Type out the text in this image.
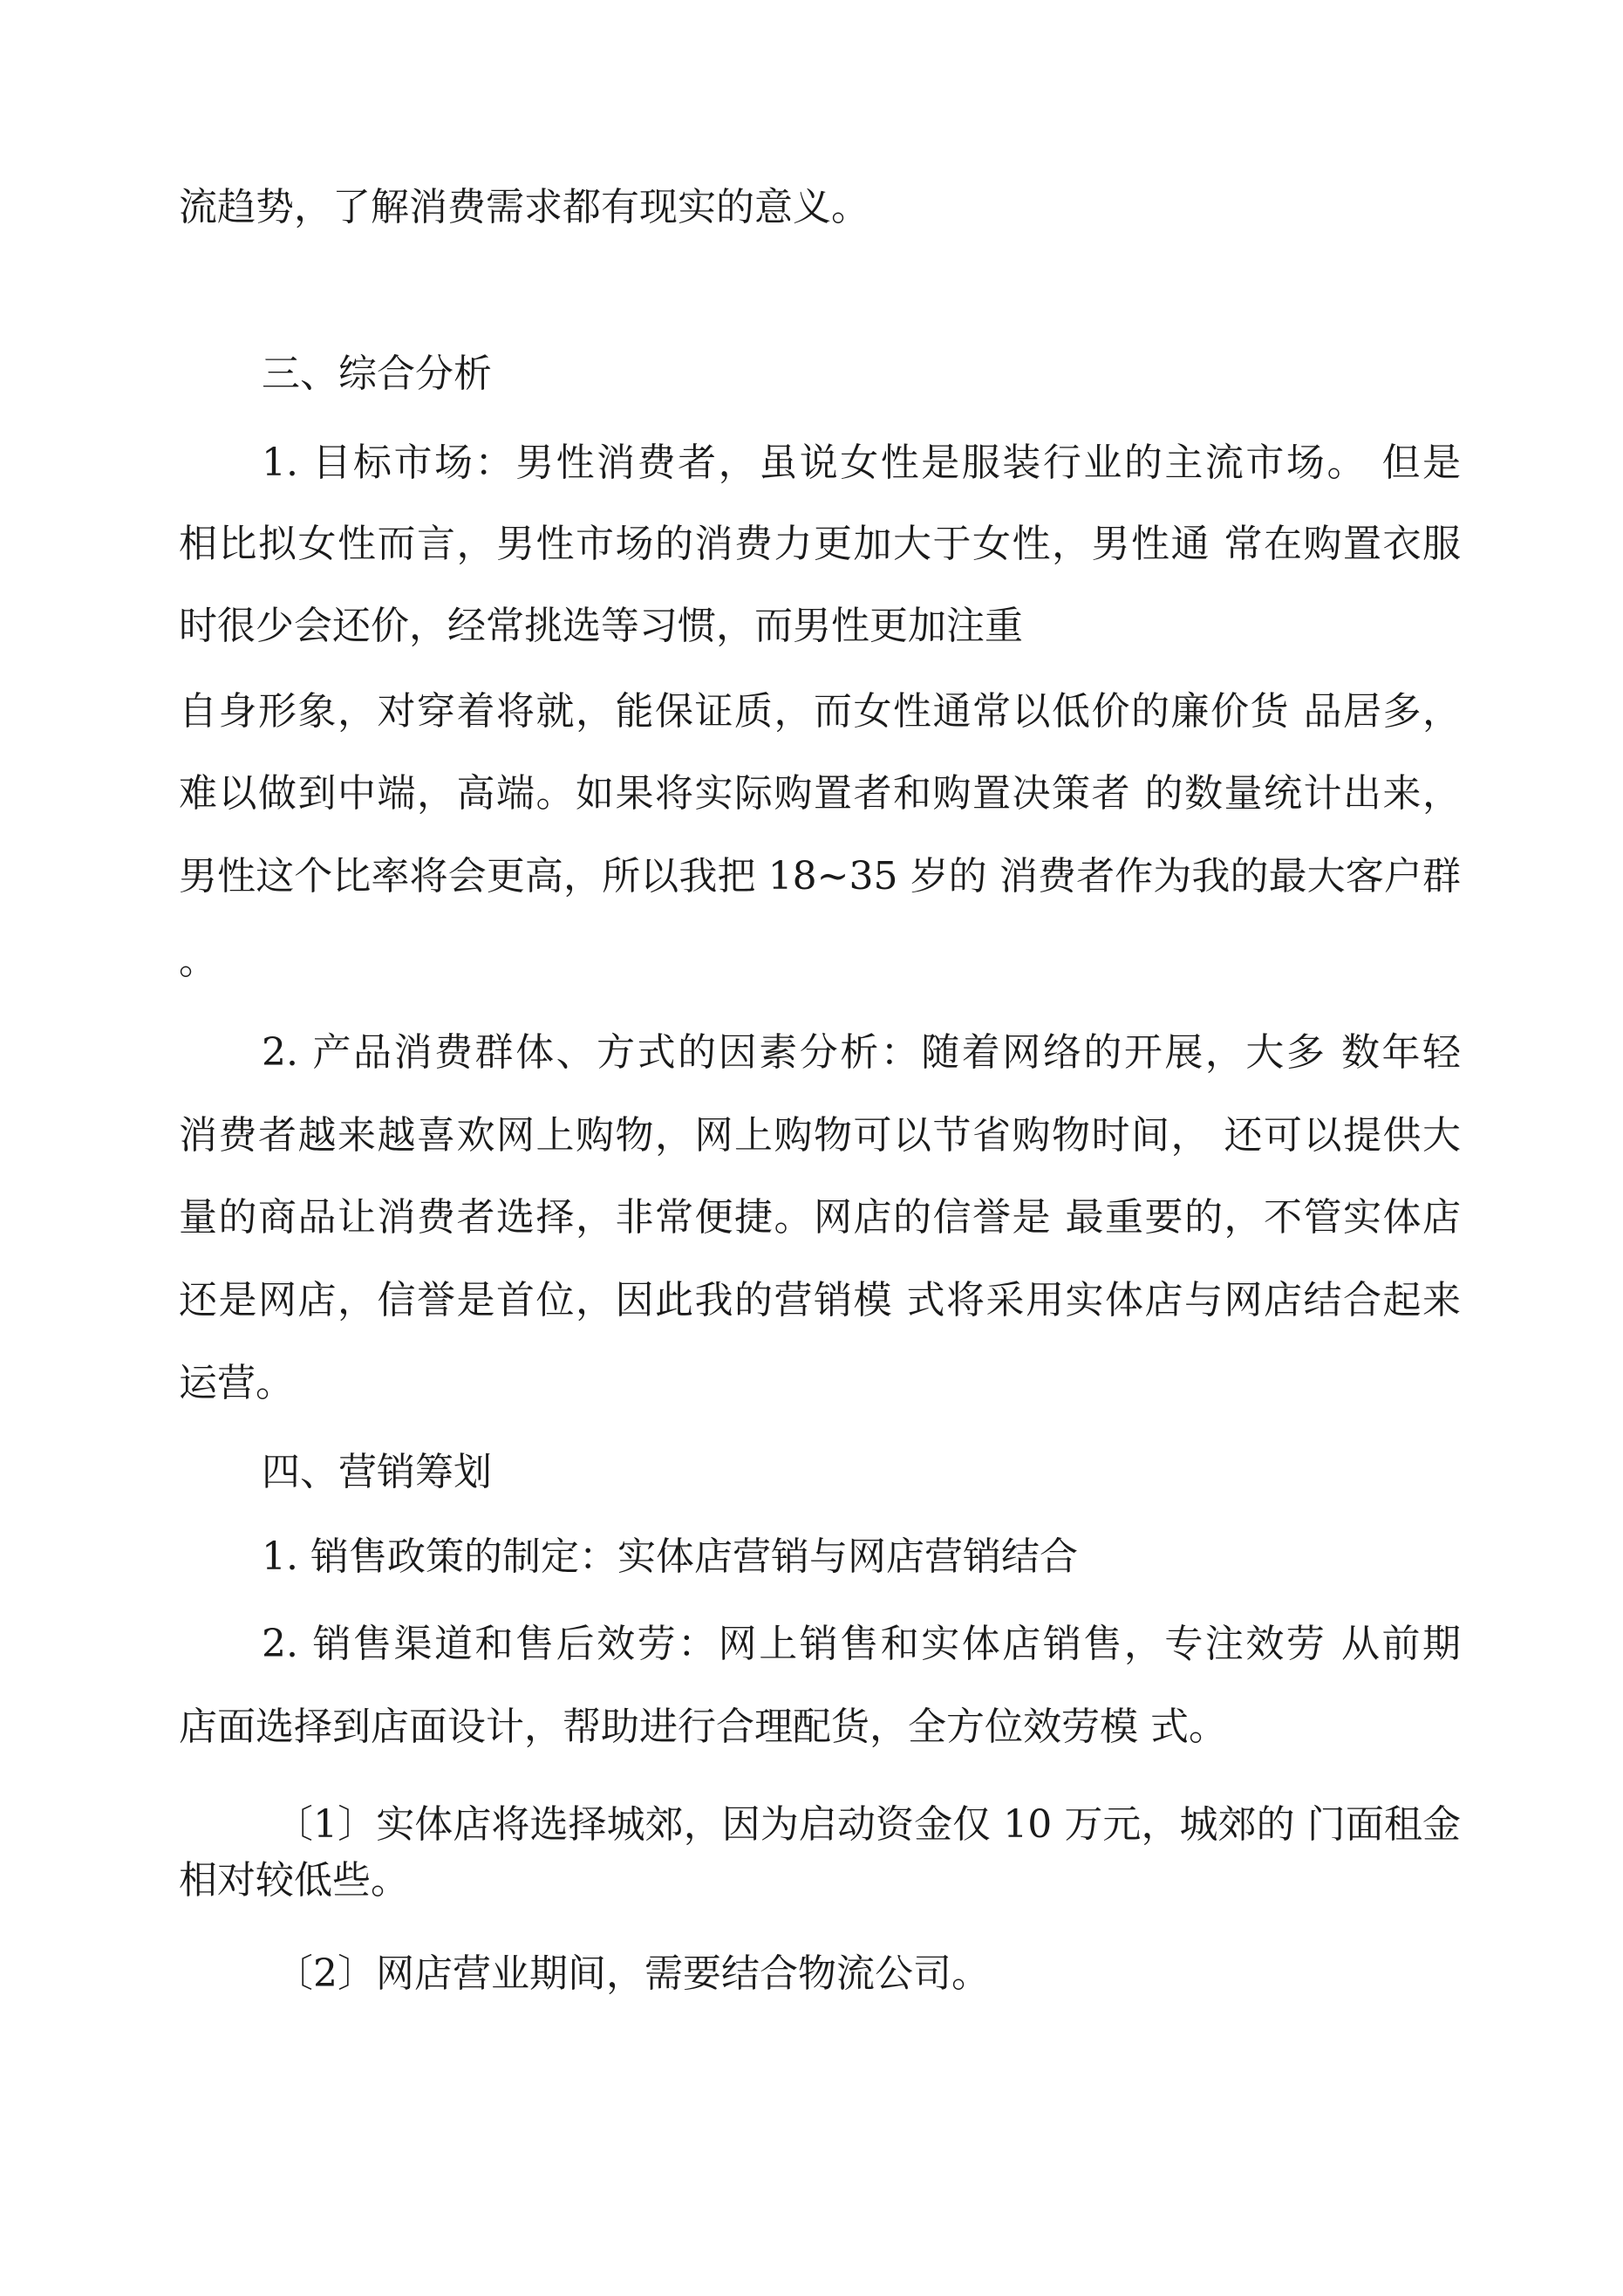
流趋势，了解消费需求都有现实的意义。
三、综合分析
1. 目标市场：男性消费者，虽说女性是服装行业的主流市场。 但是
相比拟女性而言，男性市场的消费力更加大于女性，男性通 常在购置衣服
时很少会还价，经常挑选等习惯，而男性更加注重
自身形象，对穿着将就，能保证质，而女性通常以低价的廉价货 品居多，
难以做到中端，高端。如果将实际购置者和购置决策者 的数量统计出来，
男性这个比率将会更高，所以我把 18~35 岁的 消费者作为我的最大客户群
。
2. 产品消费群体、方式的因素分析：随着网络的开展，大多 数年轻
消费者越来越喜欢网上购物，网上购物可以节省购物时间， 还可以提供大
量的商品让消费者选择，非常便捷。网店的信誉是 最重要的，不管实体店
还是网店，信誉是首位，因此我的营销模 式将采用实体店与网店结合起来
运营。
四、营销筹划
1. 销售政策的制定：实体店营销与网店营销结合
2. 销售渠道和售后效劳：网上销售和实体店销售，专注效劳 从前期
店面选择到店面设计，帮助进行合理配货，全方位效劳模 式。
〔1〕实体店将选择城郊，因为启动资金仅 10 万元，城郊的 门面租金
相对较低些。
〔2〕网店营业期间，需要结合物流公司。
